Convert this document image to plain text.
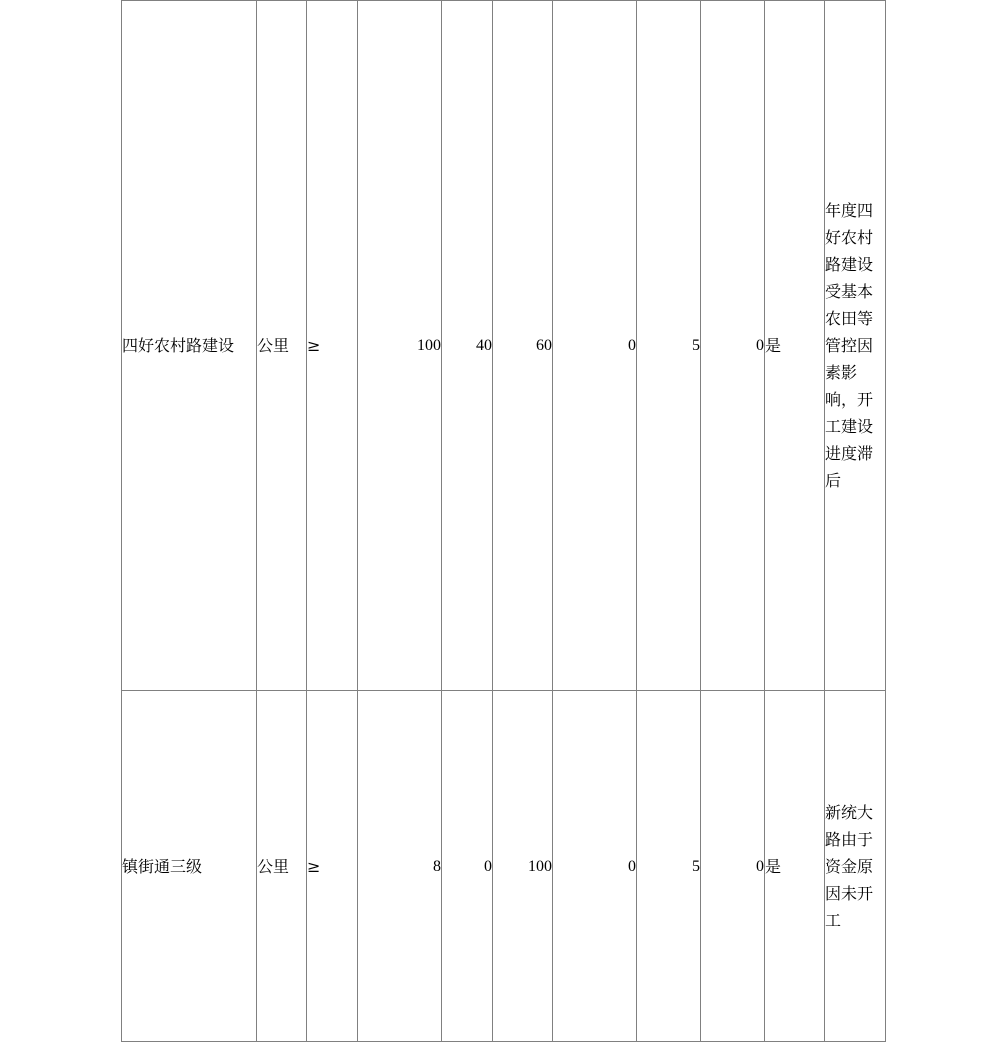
四好农村路建设	公里	≥	100	40	60	0	5	0	是	年度四好农村路建设受基本农田等管控因素影响，开工建设进度滞后
镇街通三级	公里	≥	8	0	100	0	5	0	是	新统大路由于资金原因未开工
